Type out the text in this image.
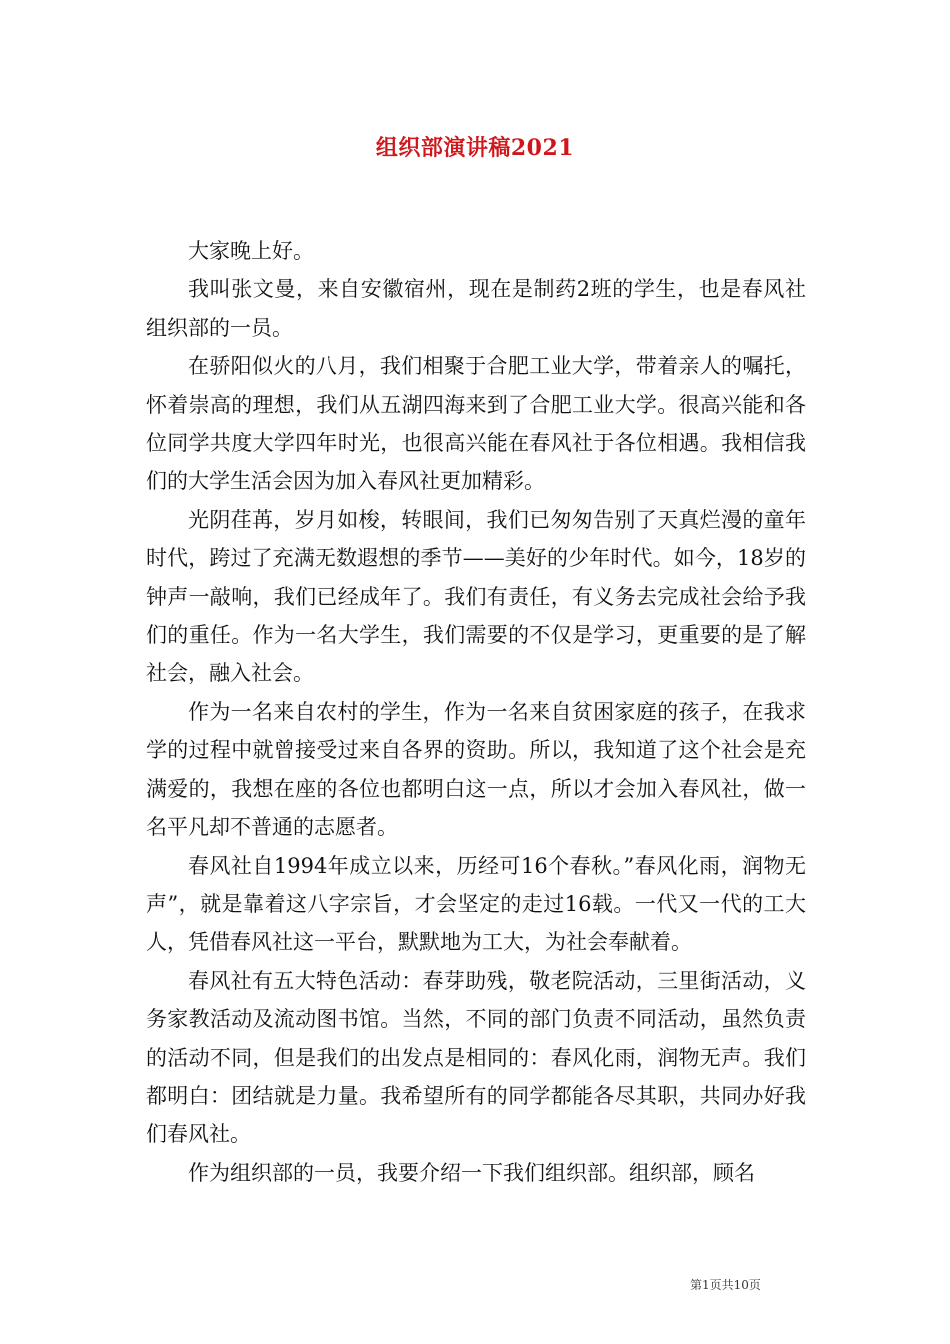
组织部演讲稿2021

大家晚上好。

我叫张文曼，来自安徽宿州，现在是制药2班的学生，也是春风社组织部的一员。

在骄阳似火的八月，我们相聚于合肥工业大学，带着亲人的嘱托，怀着崇高的理想，我们从五湖四海来到了合肥工业大学。很高兴能和各位同学共度大学四年时光，也很高兴能在春风社于各位相遇。我相信我们的大学生活会因为加入春风社更加精彩。

光阴荏苒，岁月如梭，转眼间，我们已匆匆告别了天真烂漫的童年时代，跨过了充满无数遐想的季节——美好的少年时代。如今，18岁的钟声一敲响，我们已经成年了。我们有责任，有义务去完成社会给予我们的重任。作为一名大学生，我们需要的不仅是学习，更重要的是了解社会，融入社会。

作为一名来自农村的学生，作为一名来自贫困家庭的孩子，在我求学的过程中就曾接受过来自各界的资助。所以，我知道了这个社会是充满爱的，我想在座的各位也都明白这一点，所以才会加入春风社，做一名平凡却不普通的志愿者。

春风社自1994年成立以来，历经可16个春秋。”春风化雨，润物无声”，就是靠着这八字宗旨，才会坚定的走过16载。一代又一代的工大人，凭借春风社这一平台，默默地为工大，为社会奉献着。

春风社有五大特色活动：春芽助残，敬老院活动，三里街活动，义务家教活动及流动图书馆。当然，不同的部门负责不同活动，虽然负责的活动不同，但是我们的出发点是相同的：春风化雨，润物无声。我们都明白：团结就是力量。我希望所有的同学都能各尽其职，共同办好我们春风社。

作为组织部的一员，我要介绍一下我们组织部。组织部，顾名

第1页共10页
